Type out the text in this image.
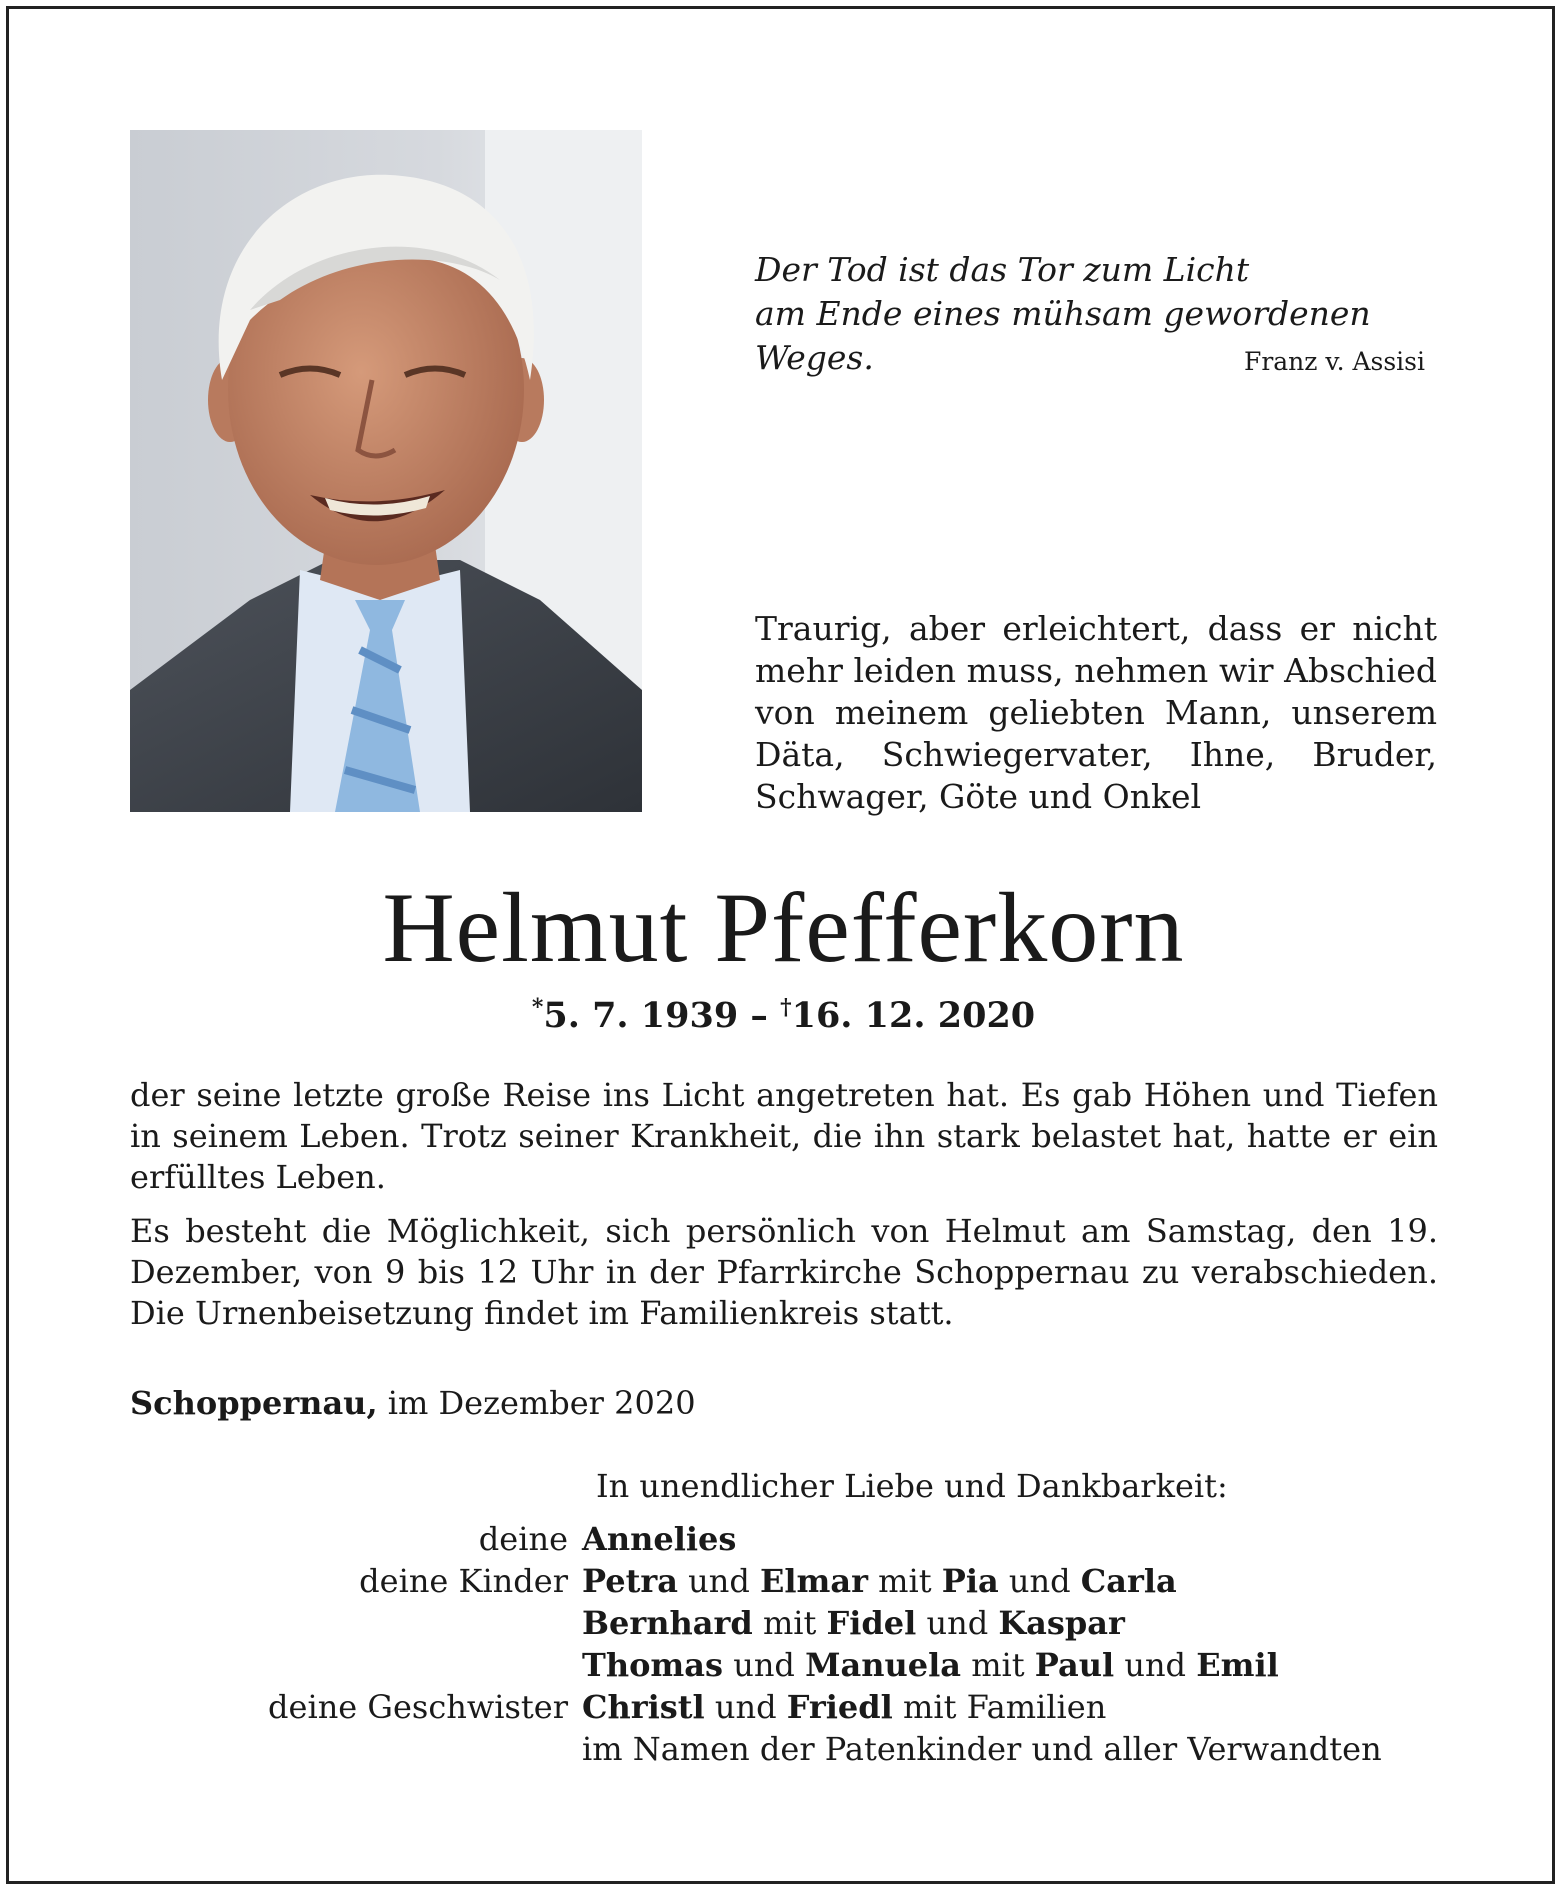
Der Tod ist das Tor zum Licht
am Ende eines mühsam gewordenen Weges.	Franz v. Assisi
Traurig, aber erleichtert, dass er nicht mehr leiden muss, nehmen wir Abschied von meinem geliebten Mann, unserem Däta, Schwiegervater, Ihne, Bruder, Schwager, Göte und Onkel
Helmut Pfefferkorn
*5. 7. 1939 – †16. 12. 2020

der seine letzte große Reise ins Licht angetreten hat. Es gab Höhen und Tiefen in seinem Leben. Trotz seiner Krankheit, die ihn stark belastet hat, hatte er ein erfülltes Leben.

Es besteht die Möglichkeit, sich persönlich von Helmut am Samstag, den 19. Dezember, von 9 bis 12 Uhr in der Pfarrkirche Schoppernau zu verabschieden. Die Urnenbeisetzung findet im Familienkreis statt.

Schoppernau, im Dezember 2020
In unendlicher Liebe und Dankbarkeit:
deine Annelies
deine Kinder Petra und Elmar mit Pia und Carla
Bernhard mit Fidel und Kaspar
Thomas und Manuela mit Paul und Emil
deine Geschwister Christl und Friedl mit Familien
im Namen der Patenkinder und aller Verwandten
